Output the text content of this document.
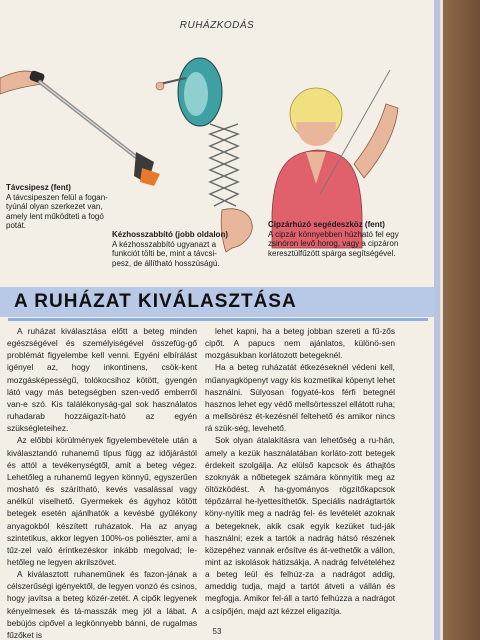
RUHÁZKODÁS
Távcsipesz (fent)
A távcsipeszen felül a fogan-tyúnál olyan szerkezet van, amely lent működteti a fogó potát.
Kézhosszabbító (jobb oldalon)
A kézhosszabbító ugyanazt a funkciót tölti be, mint a távcsi-pesz, de állítható hosszúságú.
Cipzárhúzó segédeszköz (fent)
A cipzár könnyebben húzható fel egy zsinóron levő horog, vagy a cipzáron keresztülfűzött spárga segítségével.
A RUHÁZAT KIVÁLASZTÁSA

A ruházat kiválasztása előtt a beteg minden egészségével és személyiségével összefüg-gő problémát figyelembe kell venni. Egyéni elbírálást igényel az, hogy inkontinens, csök-kent mozgásképességű, tolókocsihoz kötött, gyengén látó vagy más betegségben szen-vedő emberről van-e szó. Kis találékonyság-gal sok használatos ruhadarab hozzáigazít-ható az egyén szükségleteihez.

Az előbbi körülmények figyelembevétele után a kiválasztandó ruhanemű típus függ az időjárástól és attól a tevékenységtől, amit a beteg végez. Lehetőleg a ruhanemű legyen könnyű, egyszerűen mosható és szárítható, kevés vasalással vagy anélkül viselhető. Gyermekek és ágyhoz kötött betegek esetén ajánlhatók a kevésbé gyűlékony anyagokból készített ruházatok. Ha az anyag szintetikus, akkor legyen 100%-os poliészter, ami a tűz-zel való érintkezéskor inkább megolvad; le-hetőleg ne legyen akrilszövet.

A kiválasztott ruhaneműnek és fazon-jának a célszerűségi igényektől, de legyen vonzó és csinos, hogy javítsa a beteg közér-zetét. A cipők legyenek kényelmesek és tá-masszák meg jól a lábat. A bebújós cipővel a legkönnyebb bánni, de rugalmas fűzőket is

lehet kapni, ha a beteg jobban szereti a fű-zős cipőt. A papucs nem ajánlatos, különö-sen mozgásukban korlátozott betegeknél.

Ha a beteg ruházatát étkezéseknél védeni kell, műanyagköpenyt vagy kis kozmetikai köpenyt lehet használni. Súlyosan fogyaté-kos férfi betegnél hasznos lehet egy védő mellsörtesszel ellátott ruha; a mellsörész ét-kezésnél feltehető és amikor nincs rá szük-ség, levehető.

Sok olyan átalakításra van lehetőség a ru-hán, amely a kezük használatában korláto-zott betegek érdekeit szolgálja. Az elülső kapcsok és áthajtós szoknyák a nőbetegek számára könnyítik meg az öltözködést. A ha-gyományos rögzítőkapcsok tépőzárral he-lyettesíthetők. Speciális nadrágtartók köny-nyítik meg a nadrág fel- és levételét azoknak a betegeknek, akik csak egyik kezüket tud-ják használni; ezek a tartók a nadrág hátsó részének közepéhez vannak erősítve és át-vethetők a vállon, mint az iskolások hátizsákja. A nadrág felvételéhez a beteg leül és felhúz-za a nadrágot addig, ameddig tudja, majd a tartót átveti a vállán és megfogja. Amikor fel-áll a tartó felhúzza a nadrágot a csípőjén, majd azt kézzel eligazítja.

53
